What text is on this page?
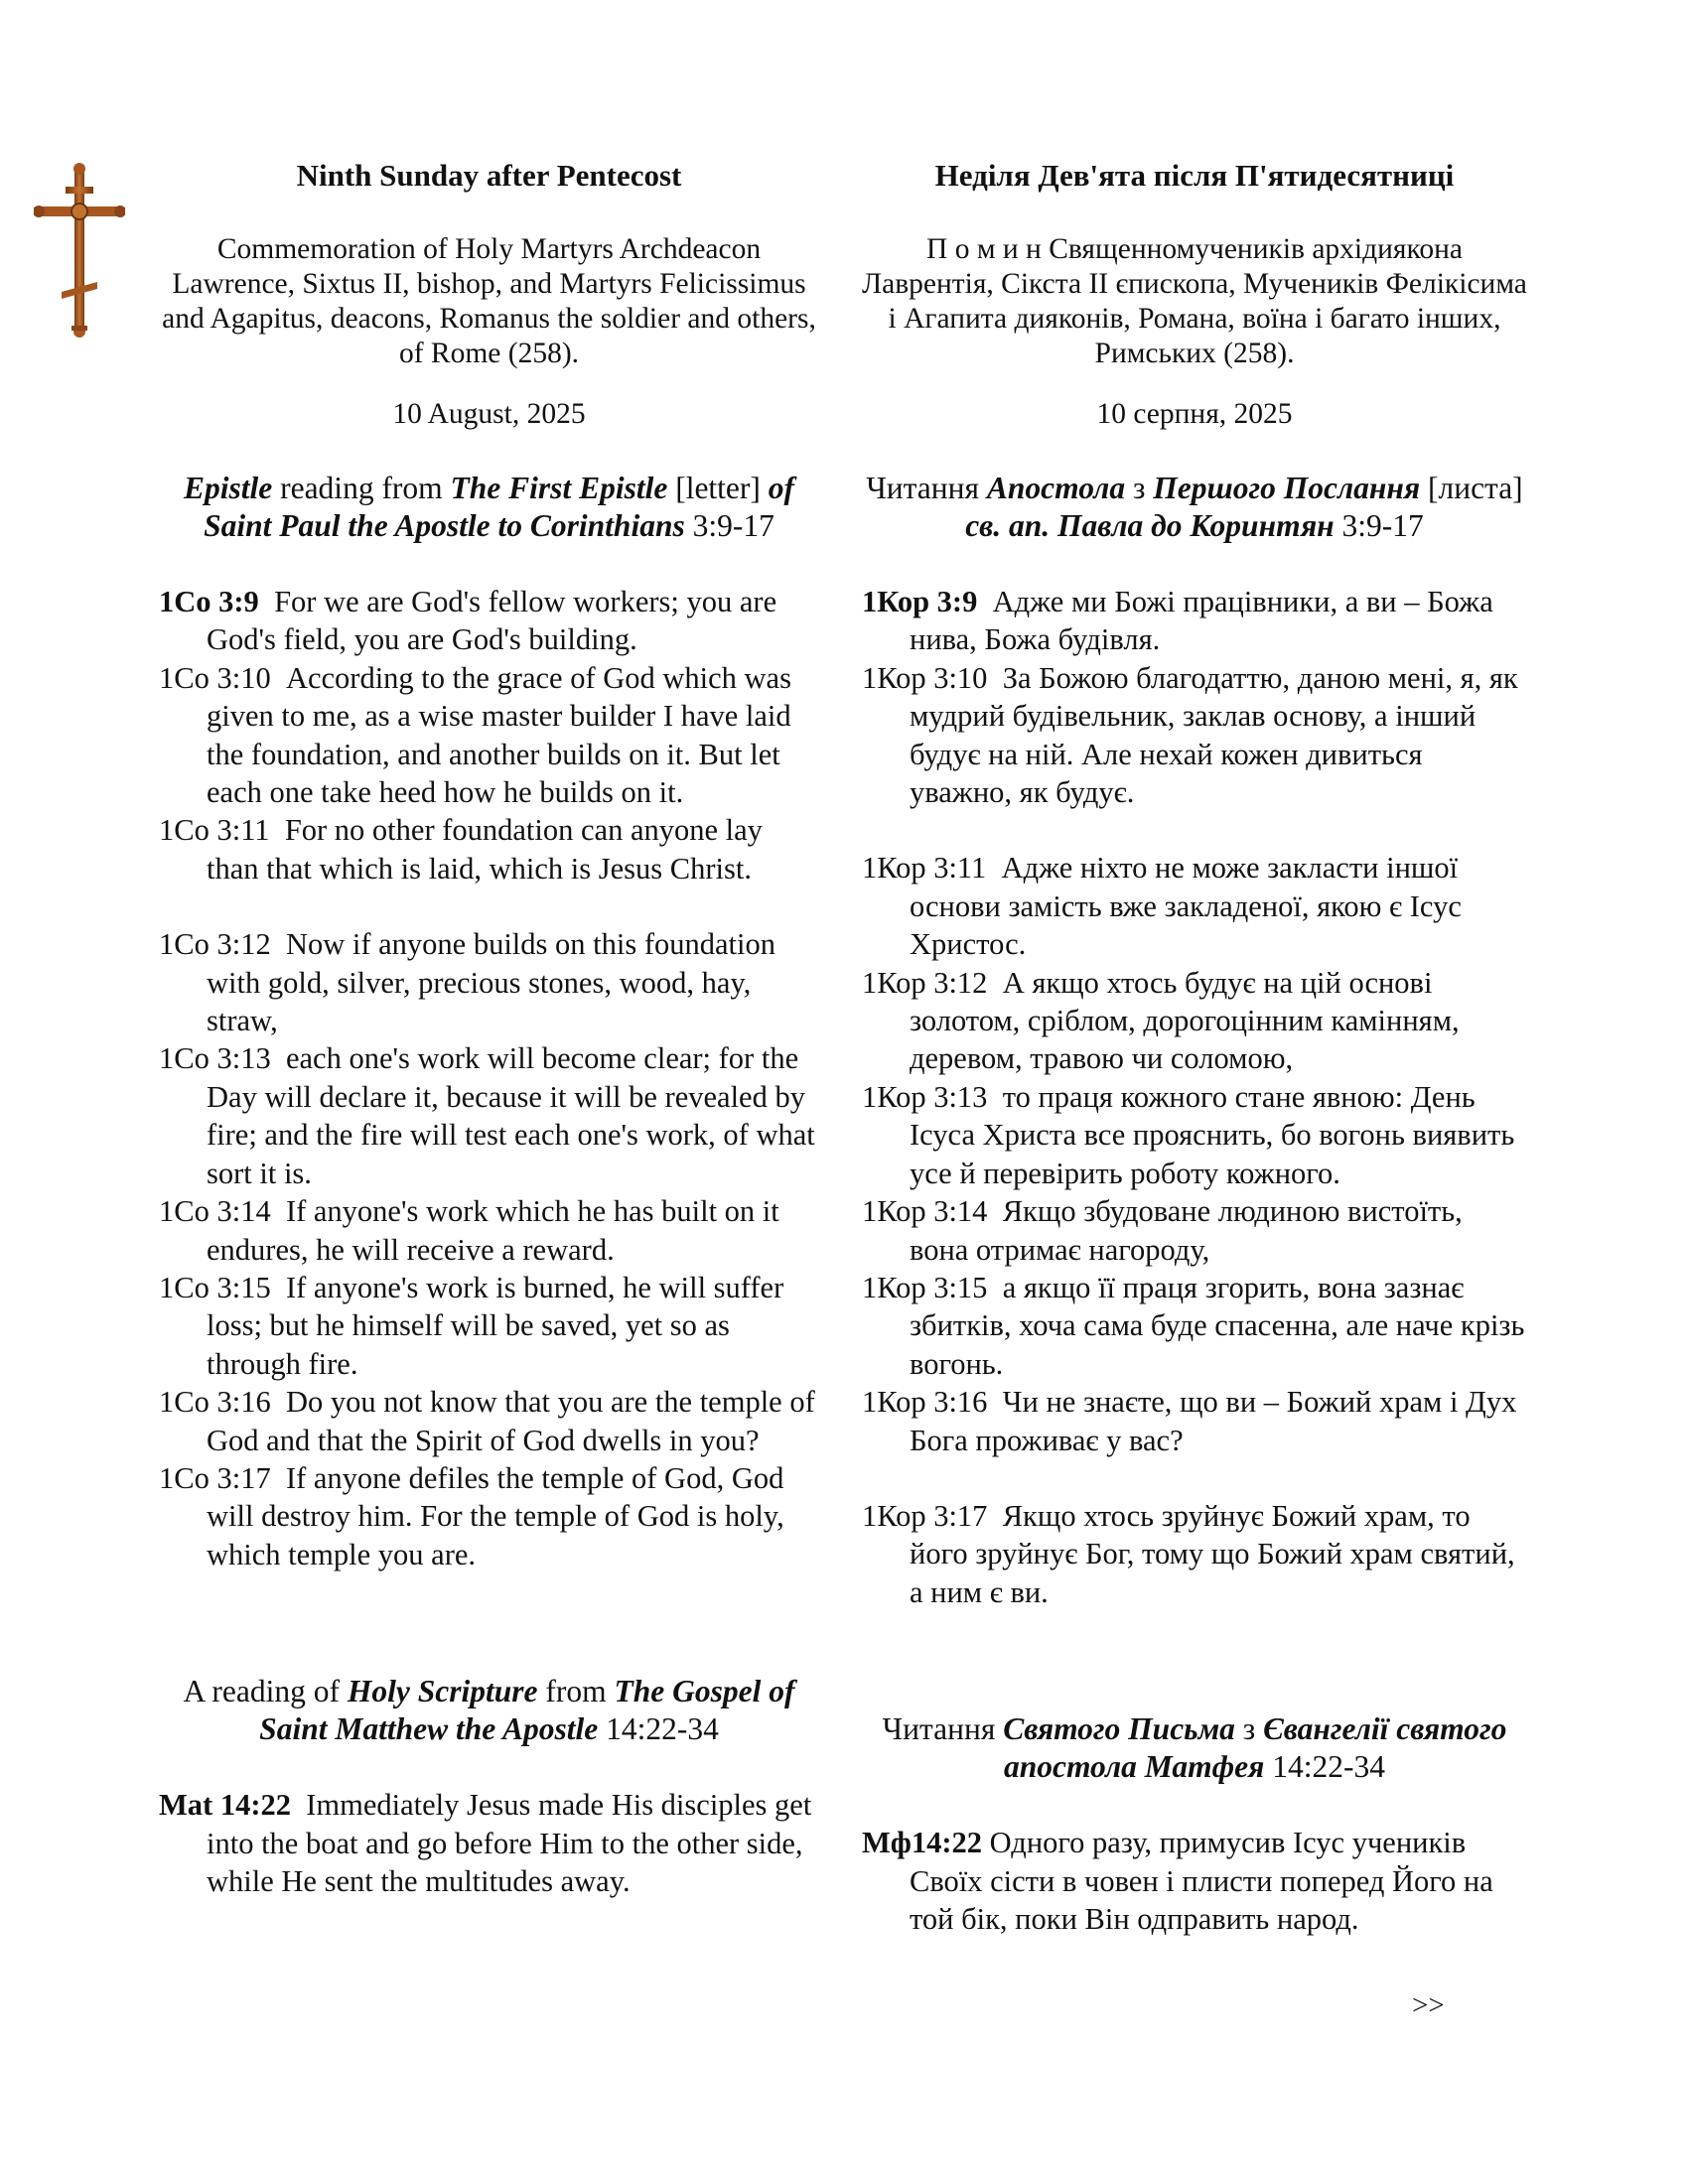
Ninth Sunday after Pentecost
Commemoration of Holy Martyrs Archdeacon Lawrence, Sixtus II, bishop, and Martyrs Felicissimus and Agapitus, deacons, Romanus the soldier and others, of Rome (258).
10 August, 2025
Epistle reading from The First Epistle [letter] of Saint Paul the Apostle to Corinthians 3:9-17
1Co 3:9 For we are God's fellow workers; you are God's field, you are God's building.
1Co 3:10 According to the grace of God which was given to me, as a wise master builder I have laid the foundation, and another builds on it. But let each one take heed how he builds on it.
1Co 3:11 For no other foundation can anyone lay than that which is laid, which is Jesus Christ.
1Co 3:12 Now if anyone builds on this foundation with gold, silver, precious stones, wood, hay, straw,
1Co 3:13 each one's work will become clear; for the Day will declare it, because it will be revealed by fire; and the fire will test each one's work, of what sort it is.
1Co 3:14 If anyone's work which he has built on it endures, he will receive a reward.
1Co 3:15 If anyone's work is burned, he will suffer loss; but he himself will be saved, yet so as through fire.
1Co 3:16 Do you not know that you are the temple of God and that the Spirit of God dwells in you?
1Co 3:17 If anyone defiles the temple of God, God will destroy him. For the temple of God is holy, which temple you are.
A reading of Holy Scripture from The Gospel of Saint Matthew the Apostle 14:22-34
Mat 14:22 Immediately Jesus made His disciples get into the boat and go before Him to the other side, while He sent the multitudes away.
Неділя Дев'ята після П'ятидесятниці
П о м и н Священномучеників архідиякона Лаврентія, Сікста II єпископа, Мучеників Фелікісима і Агапита дияконів, Романа, воїна і багато інших, Римських (258).
10 серпня, 2025
Читання Апостола з Першого Послання [листа] св. ап. Павла до Коринтян 3:9-17
1Кор 3:9 Адже ми Божі працівники, а ви – Божа нива, Божа будівля.
1Кор 3:10 За Божою благодаттю, даною мені, я, як мудрий будівельник, заклав основу, а інший будує на ній. Але нехай кожен дивиться уважно, як будує.
1Кор 3:11 Адже ніхто не може закласти іншої основи замість вже закладеної, якою є Ісус Христос.
1Кор 3:12 А якщо хтось будує на цій основі золотом, сріблом, дорогоцінним камінням, деревом, травою чи соломою,
1Кор 3:13 то праця кожного стане явною: День Ісуса Христа все прояснить, бо вогонь виявить усе й перевірить роботу кожного.
1Кор 3:14 Якщо збудоване людиною вистоїть, вона отримає нагороду,
1Кор 3:15 а якщо її праця згорить, вона зазнає збитків, хоча сама буде спасенна, але наче крізь вогонь.
1Кор 3:16 Чи не знаєте, що ви – Божий храм і Дух Бога проживає у вас?
1Кор 3:17 Якщо хтось зруйнує Божий храм, то його зруйнує Бог, тому що Божий храм святий, а ним є ви.
Читання Святого Письма з Євангелії святого апостола Матфея 14:22-34
Мф14:22 Одного разу, примусив Ісус учеників Своїх сісти в човен і плисти поперед Його на той бік, поки Він одправить народ.
>>
